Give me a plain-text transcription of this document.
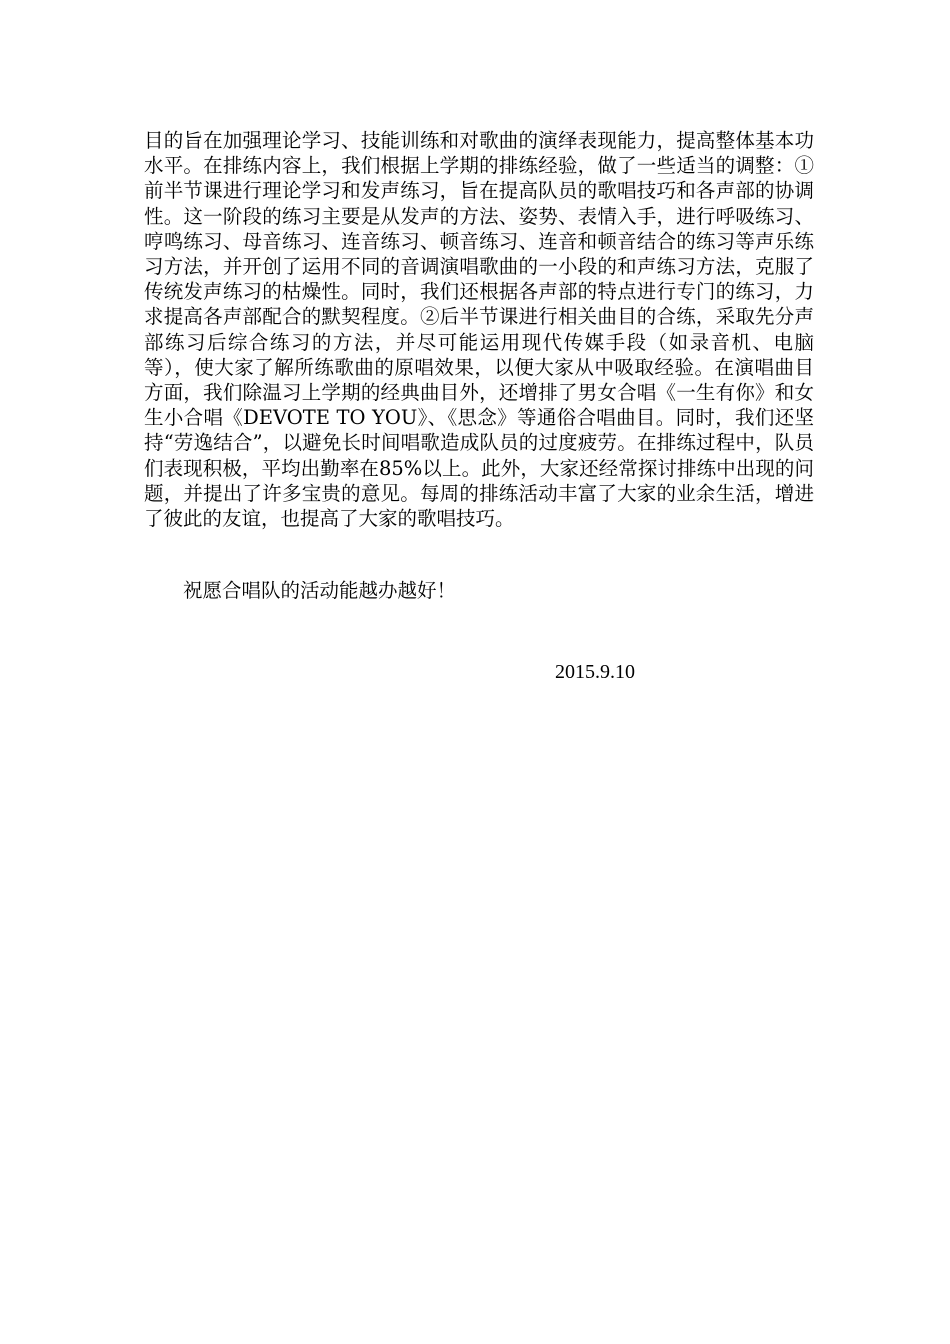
目的旨在加强理论学习、技能训练和对歌曲的演绎表现能力，提高整体基本功水平。在排练内容上，我们根据上学期的排练经验，做了一些适当的调整：①前半节课进行理论学习和发声练习，旨在提高队员的歌唱技巧和各声部的协调性。这一阶段的练习主要是从发声的方法、姿势、表情入手，进行呼吸练习、哼鸣练习、母音练习、连音练习、顿音练习、连音和顿音结合的练习等声乐练习方法，并开创了运用不同的音调演唱歌曲的一小段的和声练习方法，克服了传统发声练习的枯燥性。同时，我们还根据各声部的特点进行专门的练习，力求提高各声部配合的默契程度。②后半节课进行相关曲目的合练，采取先分声部练习后综合练习的方法，并尽可能运用现代传媒手段（如录音机、电脑等），使大家了解所练歌曲的原唱效果，以便大家从中吸取经验。在演唱曲目方面，我们除温习上学期的经典曲目外，还增排了男女合唱《一生有你》和女生小合唱《DEVOTE TO YOU》、《思念》等通俗合唱曲目。同时，我们还坚持“劳逸结合”，以避免长时间唱歌造成队员的过度疲劳。在排练过程中，队员们表现积极，平均出勤率在85%以上。此外，大家还经常探讨排练中出现的问题，并提出了许多宝贵的意见。每周的排练活动丰富了大家的业余生活，增进了彼此的友谊，也提高了大家的歌唱技巧。

祝愿合唱队的活动能越办越好！

2015.9.10
